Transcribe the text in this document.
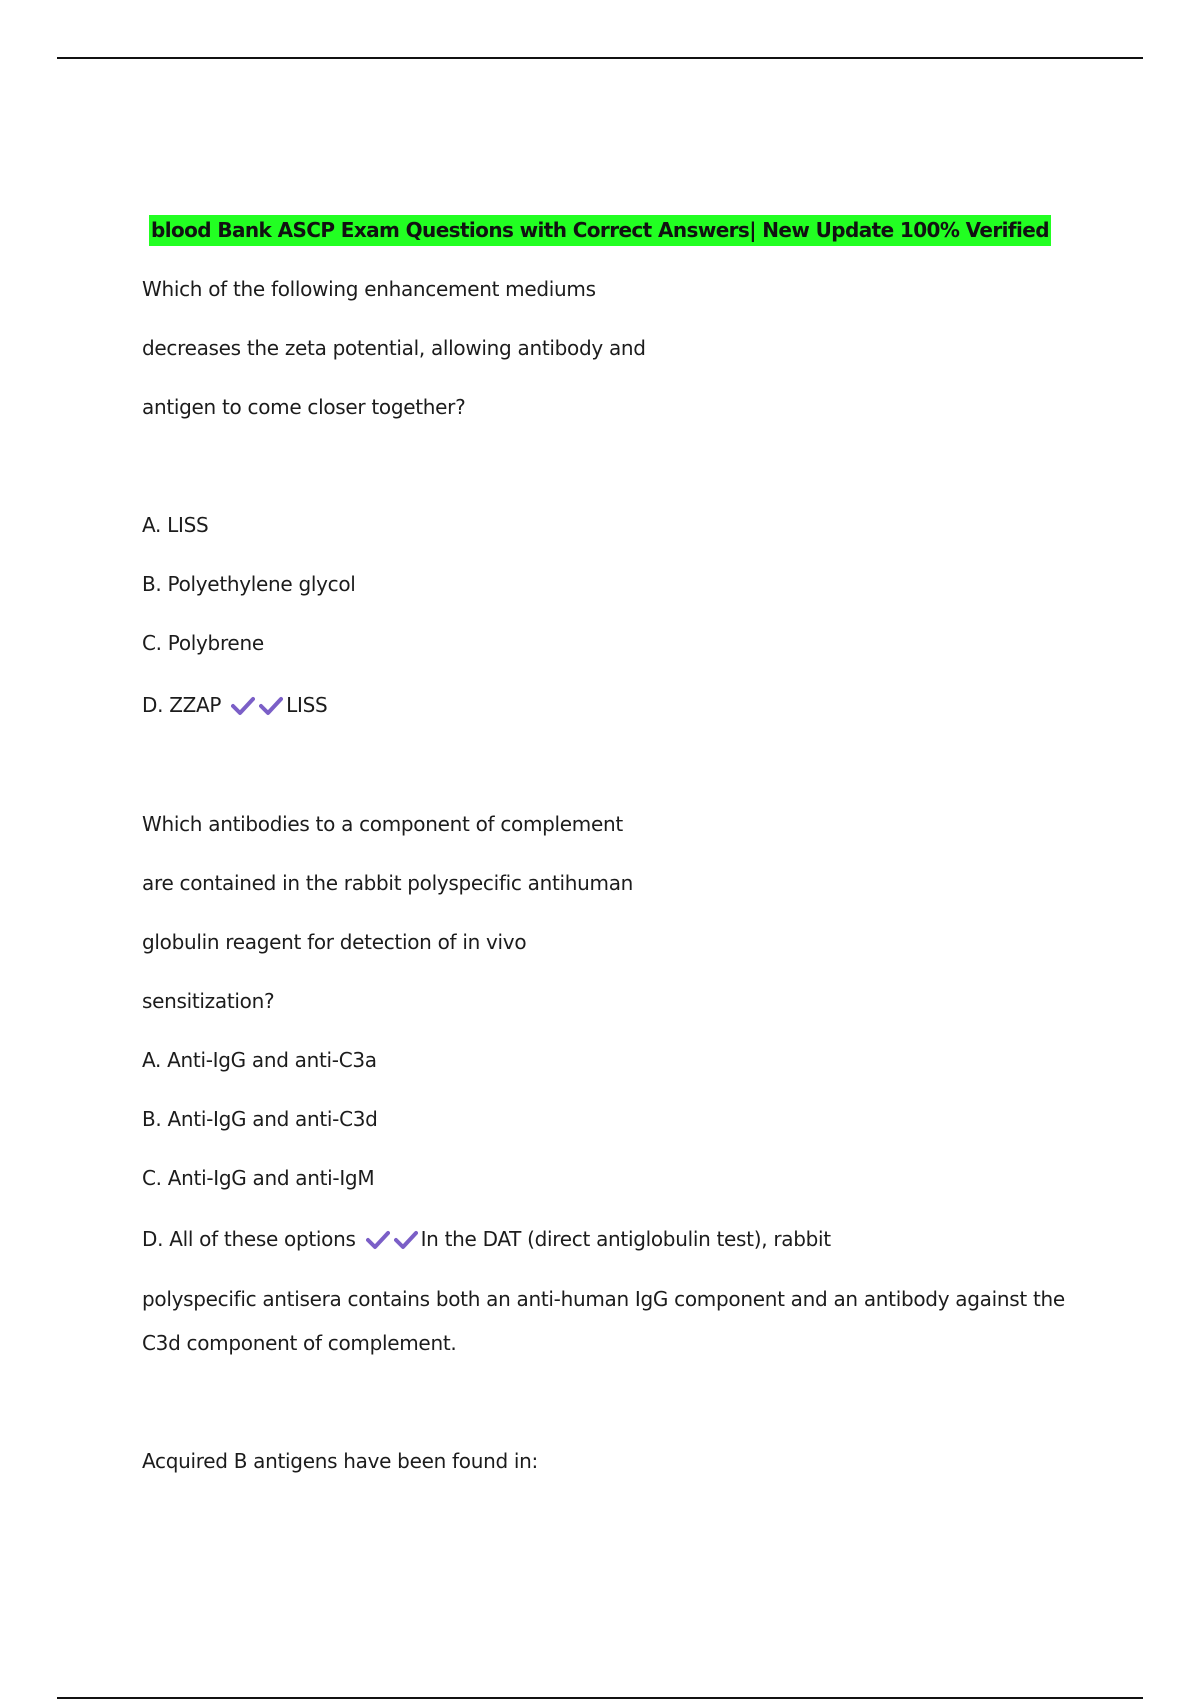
blood Bank ASCP Exam Questions with Correct Answers| New Update 100% Verified
Which of the following enhancement mediums
decreases the zeta potential, allowing antibody and
antigen to come closer together?
A. LISS
B. Polyethylene glycol
C. Polybrene
D. ZZAP	LISS
Which antibodies to a component of complement
are contained in the rabbit polyspecific antihuman
globulin reagent for detection of in vivo
sensitization?
A. Anti-IgG and anti-C3a
B. Anti-IgG and anti-C3d
C. Anti-IgG and anti-IgM
D. All of these options	In the DAT (direct antiglobulin test), rabbit
polyspecific antisera contains both an anti-human IgG component and an antibody against the
C3d component of complement.
Acquired B antigens have been found in:
